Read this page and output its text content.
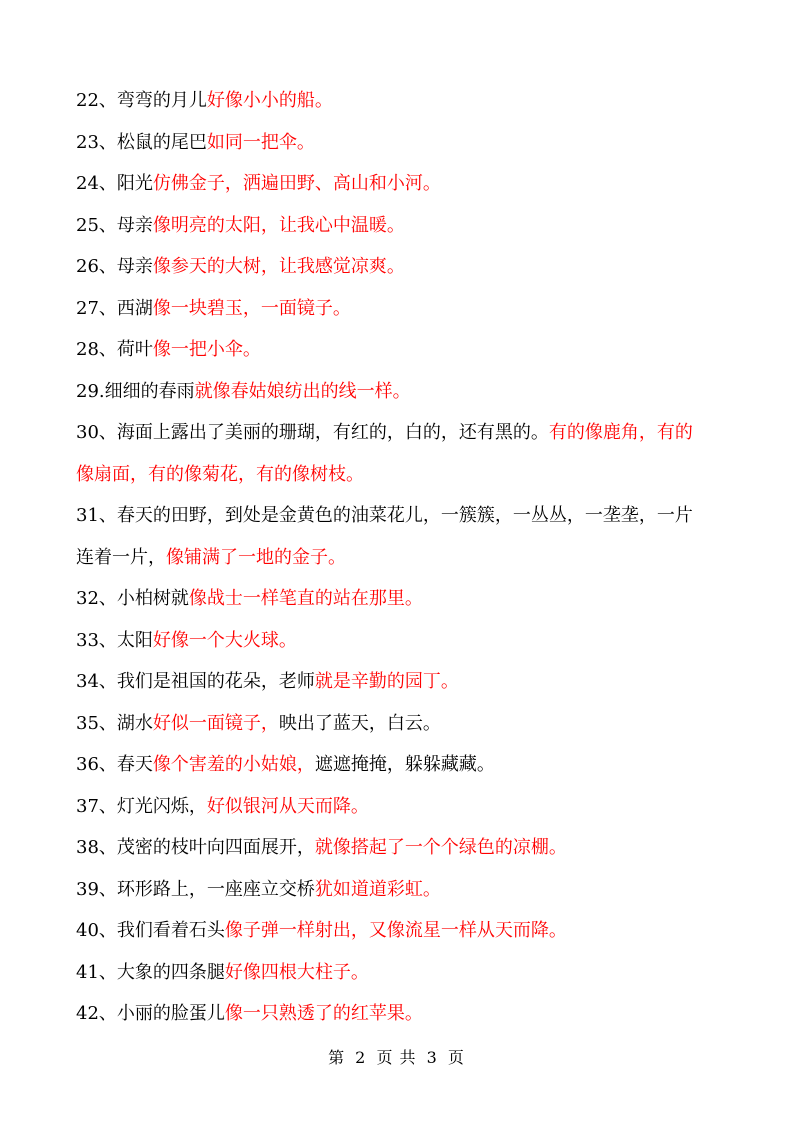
22、弯弯的月儿好像小小的船。

23、松鼠的尾巴如同一把伞。

24、阳光仿佛金子，洒遍田野、高山和小河。

25、母亲像明亮的太阳，让我心中温暖。

26、母亲像参天的大树，让我感觉凉爽。

27、西湖像一块碧玉，一面镜子。

28、荷叶像一把小伞。

29.细细的春雨就像春姑娘纺出的线一样。

30、海面上露出了美丽的珊瑚，有红的，白的，还有黑的。有的像鹿角，有的

像扇面，有的像菊花，有的像树枝。

31、春天的田野，到处是金黄色的油菜花儿，一簇簇，一丛丛，一垄垄，一片

连着一片，像铺满了一地的金子。

32、小柏树就像战士一样笔直的站在那里。

33、太阳好像一个大火球。

34、我们是祖国的花朵，老师就是辛勤的园丁。

35、湖水好似一面镜子，映出了蓝天，白云。

36、春天像个害羞的小姑娘，遮遮掩掩，躲躲藏藏。

37、灯光闪烁，好似银河从天而降。

38、茂密的枝叶向四面展开，就像搭起了一个个绿色的凉棚。

39、环形路上，一座座立交桥犹如道道彩虹。

40、我们看着石头像子弹一样射出，又像流星一样从天而降。

41、大象的四条腿好像四根大柱子。

42、小丽的脸蛋儿像一只熟透了的红苹果。

第 2 页 共 3 页
